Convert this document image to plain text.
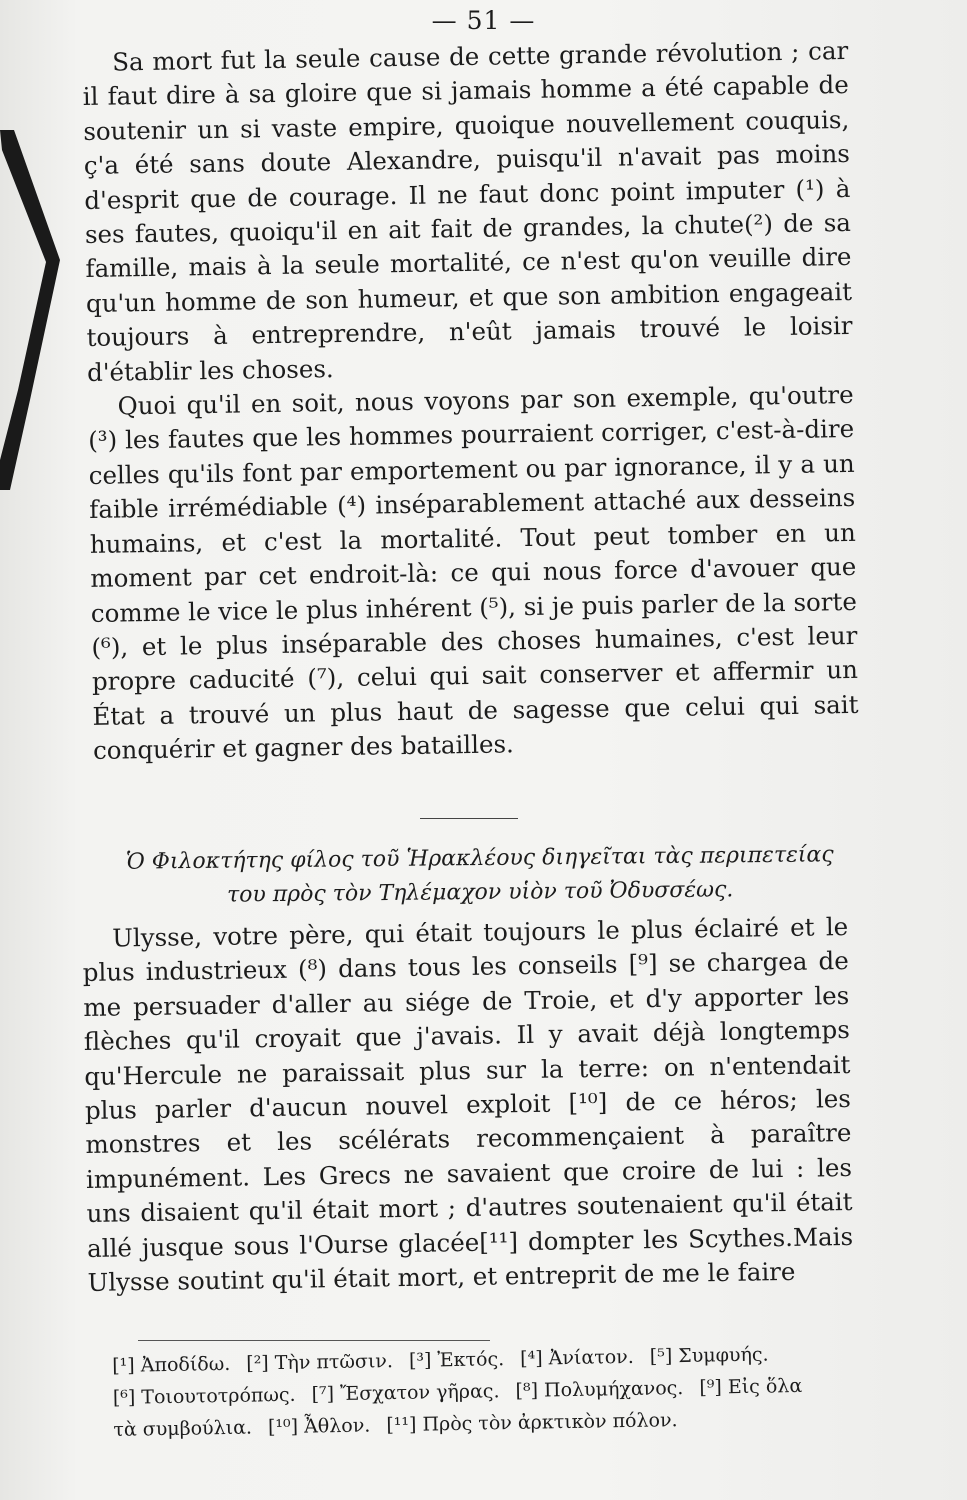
— 51 —

Sa mort fut la seule cause de cette grande révolution ; car il faut dire à sa gloire que si jamais homme a été capable de soutenir un si vaste empire, quoique nouvellement couquis, ç'a été sans doute Alexandre, puisqu'il n'avait pas moins d'esprit que de courage. Il ne faut donc point imputer (¹) à ses fautes, quoiqu'il en ait fait de grandes, la chute(²) de sa famille, mais à la seule mortalité, ce n'est qu'on veuille dire qu'un homme de son humeur, et que son ambition engageait toujours à entreprendre, n'eût jamais trouvé le loisir d'établir les choses.

Quoi qu'il en soit, nous voyons par son exemple, qu'outre (³) les fautes que les hommes pourraient corriger, c'est-à-dire celles qu'ils font par emportement ou par ignorance, il y a un faible irrémédiable (⁴) inséparablement attaché aux desseins humains, et c'est la mortalité. Tout peut tomber en un moment par cet endroit-là: ce qui nous force d'avouer que comme le vice le plus inhérent (⁵), si je puis parler de la sorte (⁶), et le plus inséparable des choses humaines, c'est leur propre caducité (⁷), celui qui sait conserver et affermir un État a trouvé un plus haut de sagesse que celui qui sait conquérir et gagner des batailles.

Ὁ Φιλοκτήτης φίλος τοῦ Ἡρακλέους διηγεῖται τὰς περιπετείας
του πρὸς τὸν Τηλέμαχον υἱὸν τοῦ Ὀδυσσέως.

Ulysse, votre père, qui était toujours le plus éclairé et le plus industrieux (⁸) dans tous les conseils [⁹] se chargea de me persuader d'aller au siége de Troie, et d'y apporter les flèches qu'il croyait que j'avais. Il y avait déjà longtemps qu'Hercule ne paraissait plus sur la terre: on n'entendait plus parler d'aucun nouvel exploit [¹⁰] de ce héros; les monstres et les scélérats recommençaient à paraître impunément. Les Grecs ne savaient que croire de lui : les uns disaient qu'il était mort ; d'autres soutenaient qu'il était allé jusque sous l'Ourse glacée[¹¹] dompter les Scythes.Mais Ulysse soutint qu'il était mort, et entreprit de me le faire

[¹] Ἀποδίδω. [²] Τὴν πτῶσιν. [³] Ἐκτός. [⁴] Ἀνίατον. [⁵] Συμφυής.
[⁶] Τοιουτοτρόπως. [⁷] Ἔσχατον γῆρας. [⁸] Πολυμήχανος. [⁹] Εἰς ὅλα
τὰ συμβούλια. [¹⁰] Ἆθλον. [¹¹] Πρὸς τὸν ἀρκτικὸν πόλον.
